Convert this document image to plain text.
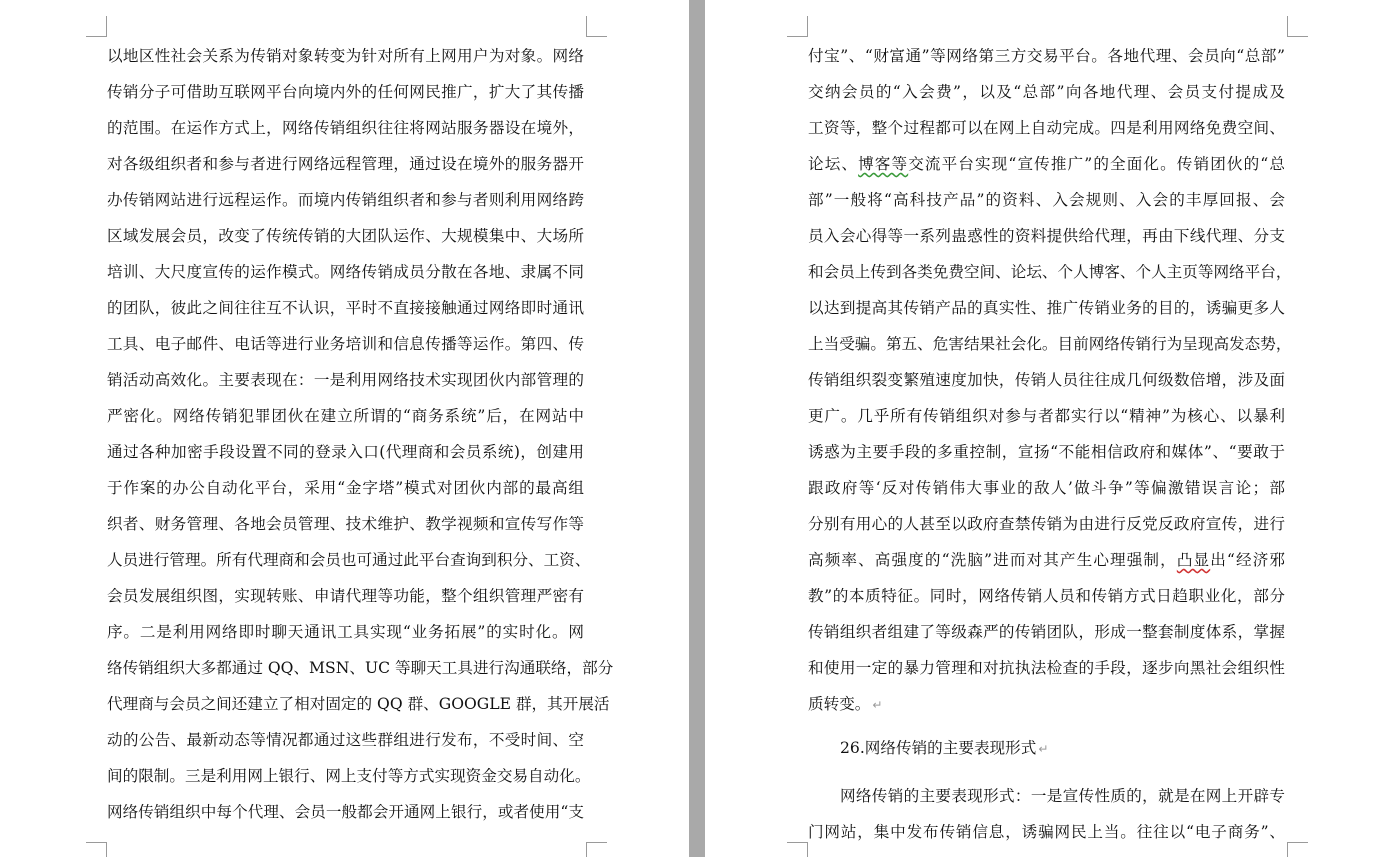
以地区性社会关系为传销对象转变为针对所有上网用户为对象。网络
传销分子可借助互联网平台向境内外的任何网民推广，扩大了其传播
的范围。在运作方式上，网络传销组织往往将网站服务器设在境外，
对各级组织者和参与者进行网络远程管理，通过设在境外的服务器开
办传销网站进行远程运作。而境内传销组织者和参与者则利用网络跨
区域发展会员，改变了传统传销的大团队运作、大规模集中、大场所
培训、大尺度宣传的运作模式。网络传销成员分散在各地、隶属不同
的团队，彼此之间往往互不认识，平时不直接接触通过网络即时通讯
工具、电子邮件、电话等进行业务培训和信息传播等运作。第四、传
销活动高效化。主要表现在：一是利用网络技术实现团伙内部管理的
严密化。网络传销犯罪团伙在建立所谓的“商务系统”后，在网站中
通过各种加密手段设置不同的登录入口(代理商和会员系统)，创建用
于作案的办公自动化平台，采用“金字塔”模式对团伙内部的最高组
织者、财务管理、各地会员管理、技术维护、教学视频和宣传写作等
人员进行管理。所有代理商和会员也可通过此平台查询到积分、工资、
会员发展组织图，实现转账、申请代理等功能，整个组织管理严密有
序。二是利用网络即时聊天通讯工具实现“业务拓展”的实时化。网
络传销组织大多都通过 QQ、MSN、UC 等聊天工具进行沟通联络，部分
代理商与会员之间还建立了相对固定的 QQ 群、GOOGLE 群，其开展活
动的公告、最新动态等情况都通过这些群组进行发布，不受时间、空
间的限制。三是利用网上银行、网上支付等方式实现资金交易自动化。
网络传销组织中每个代理、会员一般都会开通网上银行，或者使用“支
付宝”、“财富通”等网络第三方交易平台。各地代理、会员向“总部”
交纳会员的“入会费”，以及“总部”向各地代理、会员支付提成及
工资等，整个过程都可以在网上自动完成。四是利用网络免费空间、
论坛、博客等交流平台实现“宣传推广”的全面化。传销团伙的“总
部”一般将“高科技产品”的资料、入会规则、入会的丰厚回报、会
员入会心得等一系列蛊惑性的资料提供给代理，再由下线代理、分支
和会员上传到各类免费空间、论坛、个人博客、个人主页等网络平台，
以达到提高其传销产品的真实性、推广传销业务的目的，诱骗更多人
上当受骗。第五、危害结果社会化。目前网络传销行为呈现高发态势，
传销组织裂变繁殖速度加快，传销人员往往成几何级数倍增，涉及面
更广。几乎所有传销组织对参与者都实行以“精神”为核心、以暴利
诱惑为主要手段的多重控制，宣扬“不能相信政府和媒体”、“要敢于
跟政府等‘反对传销伟大事业的敌人’做斗争”等偏激错误言论；部
分别有用心的人甚至以政府查禁传销为由进行反党反政府宣传，进行
高频率、高强度的“洗脑”进而对其产生心理强制，凸显出“经济邪
教”的本质特征。同时，网络传销人员和传销方式日趋职业化，部分
传销组织者组建了等级森严的传销团队，形成一整套制度体系，掌握
和使用一定的暴力管理和对抗执法检查的手段，逐步向黑社会组织性
质转变。 ↵
26.网络传销的主要表现形式 ↵
网络传销的主要表现形式：一是宣传性质的，就是在网上开辟专
门网站，集中发布传销信息，诱骗网民上当。往往以“电子商务”、
